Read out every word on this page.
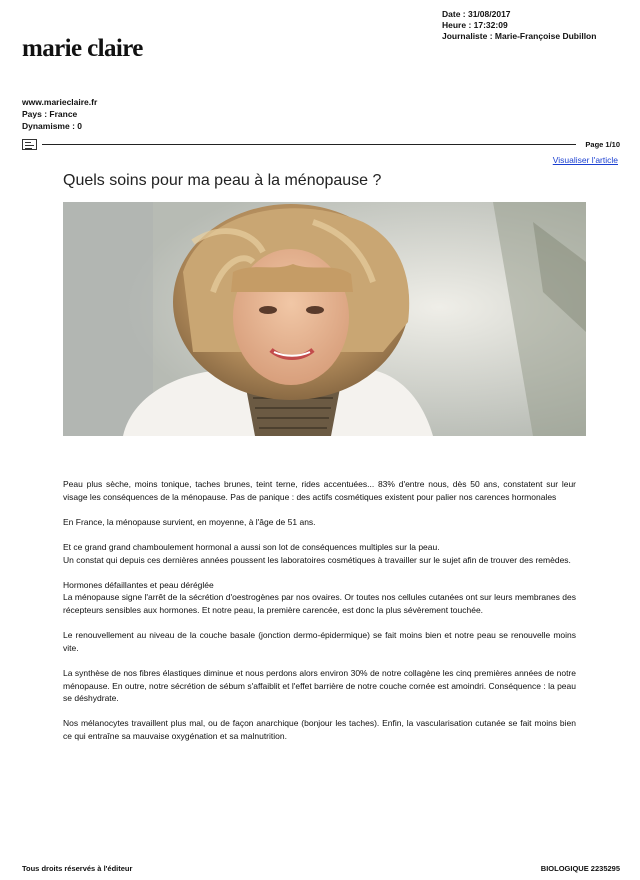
marie claire
Date : 31/08/2017
Heure : 17:32:09
Journaliste : Marie-Françoise Dubillon
www.marieclaire.fr
Pays : France
Dynamisme : 0
Page 1/10
Visualiser l'article
Quels soins pour ma peau à la ménopause ?

Peau plus sèche, moins tonique, taches brunes, teint terne, rides accentuées... 83% d'entre nous, dès 50 ans, constatent sur leur visage les conséquences de la ménopause. Pas de panique : des actifs cosmétiques existent pour palier nos carences hormonales

En France, la ménopause survient, en moyenne, à l'âge de 51 ans.

Et ce grand grand chamboulement hormonal a aussi son lot de conséquences multiples sur la peau.
Un constat qui depuis ces dernières années poussent les laboratoires cosmétiques à travailler sur le sujet afin de trouver des remèdes.

Hormones défaillantes et peau déréglée
La ménopause signe l'arrêt de la sécrétion d'oestrogènes par nos ovaires. Or toutes nos cellules cutanées ont sur leurs membranes des récepteurs sensibles aux hormones. Et notre peau, la première carencée, est donc la plus sévèrement touchée.

Le renouvellement au niveau de la couche basale (jonction dermo-épidermique) se fait moins bien et notre peau se renouvelle moins vite.

La synthèse de nos fibres élastiques diminue et nous perdons alors environ 30% de notre collagène les cinq premières années de notre ménopause. En outre, notre sécrétion de sébum s'affaiblit et l'effet barrière de notre couche cornée est amoindri. Conséquence : la peau se déshydrate.

Nos mélanocytes travaillent plus mal, ou de façon anarchique (bonjour les taches). Enfin, la vascularisation cutanée se fait moins bien ce qui entraîne sa mauvaise oxygénation et sa malnutrition.

Tous droits réservés à l'éditeur	BIOLOGIQUE 2235295
